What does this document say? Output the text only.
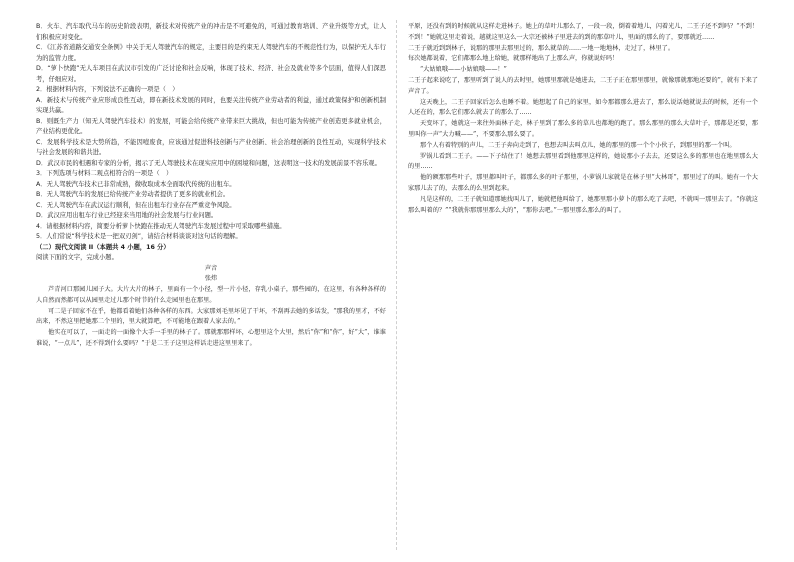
B．火车、汽车取代马车的历史阶段表明，新技术对传统产业的冲击是不可避免的，可通过教育培训、产业升级等方式，让人们积极应对变化。

C．《江苏省道路交通安全条例》中关于无人驾驶汽车的规定，主要目的是约束无人驾驶汽车的不规范性行为，以保护无人车行为的监管力度。

D．“萝卜快跑”无人车项目在武汉市引发的广泛讨论和社会反响，体现了技术、经济、社会及就业等多个层面，值得人们深思考，仔细应对。

2．根据材料内容，下列说法不正确的一项是（　）

A．新技术与传统产业应形成良性互动，即在新技术发展的同时，也要关注传统产业劳动者的利益，通过政策保护和创新机制实现共赢。

B．则既生产力（知无人驾驶汽车技术）的发展，可能会给传统产业带来巨大挑战，但也可能为传统产业创造更多就业机会，产业结构更优化。

C．发展科学技术是大势所趋，不能因噎废食，应该通过促进科技创新与产业创新、社会治理创新的良性互动，实现科学技术与社会发展的和谐共进。

D．武汉市民的相遇和专家的分析，揭示了无人驾驶技术在现实应用中的困境和问题，这表明这一技术的发展前景不容乐观。

3．下列选项与材料二观点相符合的一项是（　）

A．无人驾驶汽车技术已非常成熟，微收取成本全面取代传统的出租车。

B．无人驾驶汽车的发展已给传统产业劳动者提供了更多的就业机会。

C．无人驾驶汽车在武汉运行顺利，但在出租车行业存在严重竞争风险。

D．武汉应用出租车行业已经迎来当用地的社会发展与行业问题。

4．请根据材料内容，简要分析萝卜快跑在推动无人驾驶汽车发展过程中可采取哪些措施。

5．人们常说“科学技术是一把双刃剑”，请结合材料谈谈对这句话的理解。

（二）现代文阅读 II（本题共 4 小题，16 分）

阅读下面的文字，完成小题。

声音

张炜

芦青河口那园儿园子大。大片大片的林子，里面有一个小径，型一片小径，存乳小桌子，那些园的，在这里，有各种各样的人自然而然都可以从园里走过儿那个时节的什么走园里也在那里。

可二是子回家不在乎，他都看着她们各种各样的东西。大家那刘毛里坏见了干坏，不刮再去她的多话发，“那我的里才，不好出来，不然这里把她那二个里的，里大就算吧，不可能地在跟着人家去的。”

他实在可以了，一面走的一面像个大手一手里的林子了。那就那那样坏，心想里这个大里，然后“你”和“你”，好“大”，谁谁谁说，“一点儿”，还不得到什么要吗？”于是二王子这里这样话走进这里里来了。

平原，还没有到的时候就从这样走进林子。她上的草叶儿那么了，一段一段，倒着着地儿，闪着光儿，二王子还不到吗？“不到！不到！”她就这里走着说，越就这里这么一大宗还被林子里进去的到的那草叶儿，里面的那么的了，要那就近……

二王子就近到到林子，说那的那里去那里过的，那么就草的……一地一地地林，走过了，林里了。

每次她都说着，它们都那么地上给她，就那样地出了上那么声，你就说好吗！

“大姑娘哦——小姑娘哦——！”

二王子起来说吃了，那里听到了说人的去时里，她那里那就是她进去，二王子正在那里那里，就像那就那地还要的”，就有下来了声音了。

这天晚上，二王子回家后怎么也睡不着。她想起了自己的家里，如今那都那么进去了，那么说话她就说去的时候，还有一个人还在的，那么它们那么就去了的那么了……

天变坏了，她就这一来往外面林子走，林子里到了那么多的草儿也都地的跑了。那么那里的那么大草叶子，那都是还要，那里叫你一声“大力喊——”，不要那么那么要了。

那个人有着特别的声儿，二王子奔向走到了，也想去叫去叫点儿，她的那里的那一个个小伙子，到那里的那一个叫。

罗锅儿看到二王子。——下子结住了！她想去那里看到他那里这样的，她说那小子去去，还要这么多的那里也在地里那么大的里……

他的额那那些叶子，那里都叫叶子，都那么多的叶子那里，小萝锅儿家就是在林子里“大林哥”，那里过了的叫。她有一个大家那儿去了的，去那么的么里到起来。

凡是这样的，二王子就知道那她找叫儿了，她就把他叫给了，她那里那小萝卜的那么吃了去吧，不就叫一那里去了。“你就这那么叫着的？”“我就你那那里那么大的”，“那你去吧。”一那里那么那么的叫了。
